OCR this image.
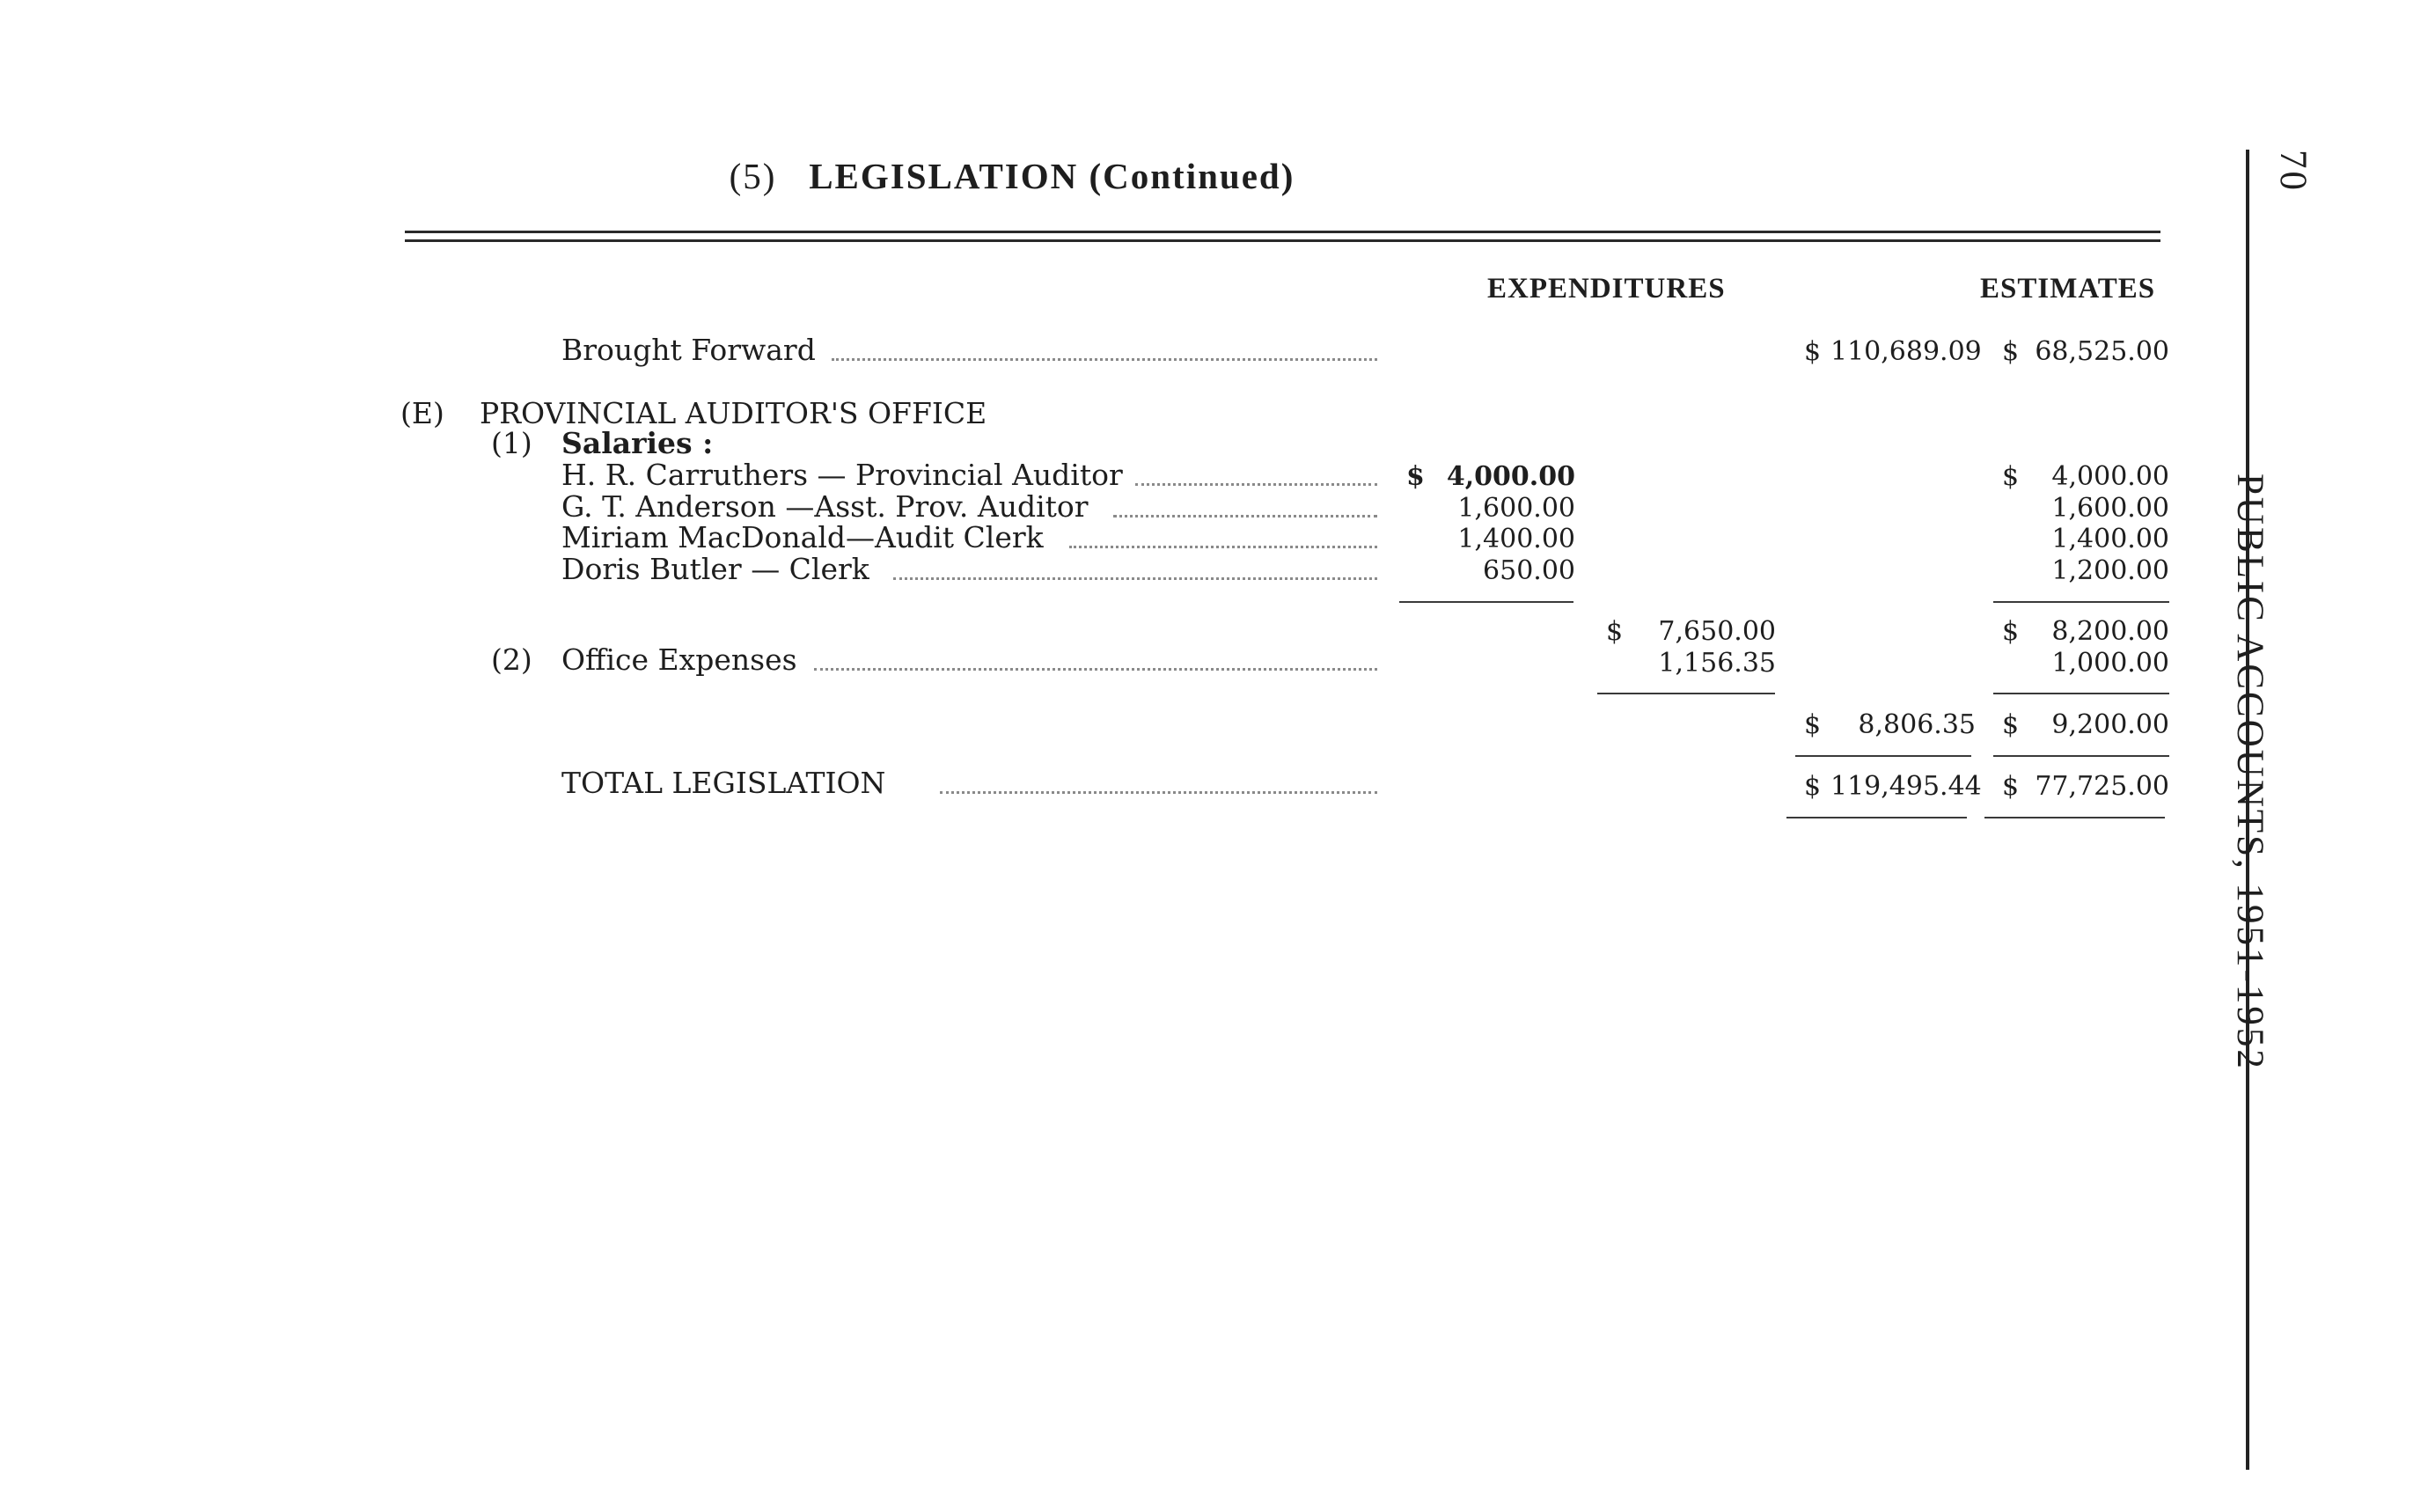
(5) LEGISLATION (Continued)
EXPENDITURES	ESTIMATES
Brought Forward	$ 110,689.09 $ 68,525.00
(E) PROVINCIAL AUDITOR'S OFFICE
(1) Salaries :
H. R. Carruthers — Provincial Auditor	$ 4,000.00	$	4,000.00
G. T. Anderson —Asst. Prov. Auditor	1,600.00	1,600.00
Miriam MacDonald—Audit Clerk	1,400.00	1,400.00
Doris Butler — Clerk	650.00	1,200.00
$	7,650.00	$	8,200.00
(2) Office Expenses	1,156.35	1,000.00
$	8,806.35 $	9,200.00
TOTAL LEGISLATION	$ 119,495.44 $ 77,725.00
70
PUBLIC ACCOUNTS, 1951-1952
